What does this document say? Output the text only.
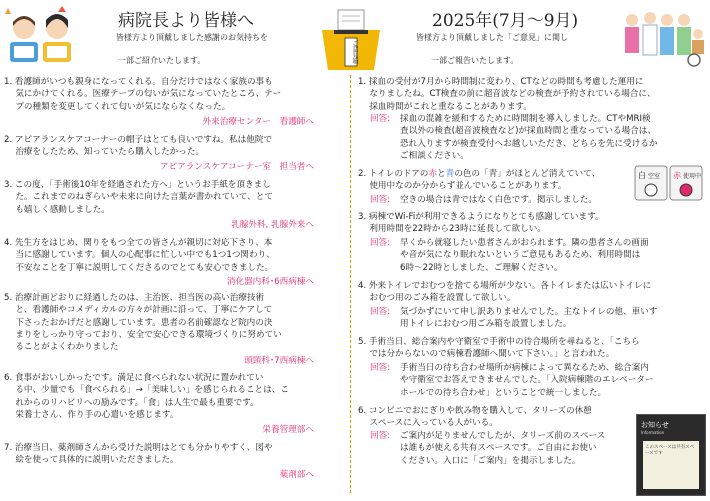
病院長より皆様へ
皆様方より頂戴しました感謝のお気持ちを
一部ご紹介いたします。	ご意見箱
2025年(7月～9月)
皆様方より頂戴しました「ご意見」に関し
一部ご報告いたします。
1. 看護師がいつも親身になってくれる。自分だけではなく家族の事も
　 気にかけてくれる。医療テープの匂いが気になっていたところ、テー
　 プの種類を変更してくれて匂いが気にならなくなった。
外来治療センター　看護師へ
2. アピアランスケアコーナーの帽子はとても良いですね。私は他院で
　 治療をしたため、知っていたら購入したかった。
アピアランスケアコーナー室　担当者へ
3. この度、「手術後10年を経過された方へ」というお手紙を頂きまし
　 た。これまでのねぎらいや未来に向けた言葉が書かれていて、とて
　 も嬉しく感動しました。
乳腺外科, 乳腺外来へ
4. 先生方をはじめ、関りをもつ全ての皆さんが親切に対応下さり、本
　 当に感謝しています。個人の心配事に忙しい中でも1つ1つ関わり、
　 不安なことを丁寧に説明してくださるのでとても安心できました。
消化器内科･6西病棟へ
5. 治療計画どおりに経過したのは、主治医、担当医の高い治療技術
　 と、看護師やコメディカルの方々が計画に沿って、丁寧にケアして
　 下さったおかげだと感謝しています。患者の名前確認など院内の決
　 まりをしっかり守っており、安全で安心できる環境づくりに努めてい
　 ることがよくわかりました
頭頸科･7西病棟へ
6. 食事がおいしかったです。満足に食べられない状況に置かれてい
　 る中、少量でも「食べられる」→「美味しい」を感じられることは、こ
　 れからのリハビリへの励みです。「食」は人生で最も重要です。
　 栄養士さん、作り手の心遣いを感じます。
栄養管理部へ
7. 治療当日、薬剤師さんから受けた説明はとても分かりやすく、図や
　 絵を使って具体的に説明いただきました。
薬剤部へ
1. 採血の受付が7月から時間制に変わり、CTなどの時間も考慮した運用に
　 なりましたね。CT検査の前に超音波などの検査が予約されている場合に、
　 採血時間がこれと重なることがあります。
回答:	採血の混雑を緩和するために時間制を導入しました。CTやMRI検
査以外の検査(超音波検査など)が採血時間と重なっている場合は、
恐れ入りますが検査受付へお越しいただき、どちらを先に受けるか
ご相談ください。
2. トイレのドアの赤と青の色の「青」がほとんど消えていて、
　 使用中なのか分からず並んでいることがあります。
回答:	空きの場合は青ではなく白色です。掲示しました。
白 空室 赤 使用中
3. 病棟でWi-Fiが利用できるようになりとても感謝しています。
　 利用時間を22時から23時に延長して欲しい。
回答:	早くから就寝したい患者さんがおられます。隣の患者さんの画面
や音が気になり眠れないというご意見もあるため、利用時間は
6時～22時としました、ご理解ください。
4. 外来トイレでおむつを捨てる場所が少ない。各トイレまたは広いトイレに
　 おむつ用のごみ箱を設置して欲しい。
回答:	気づかずにいて申し訳ありませんでした。主なトイレの他、車いす
用トイレにおむつ用ごみ箱を設置しました。
5. 手術当日、総合案内や守衛室で手術中の待合場所を尋ねると、「こちら
　 では分からないので病棟看護師へ聞いて下さい。」と言われた。
回答:	手術当日の待ち合わせ場所が病棟によって異なるため、総合案内
や守衛室でお答えできませんでした。「入院病棟階のエレベーター
ホールでの待ち合わせ」ということで統一しました。
6. コンビニでおにぎりや飲み物を購入して、タリーズの休憩
　 スペースに入っている人がいる。
回答:	ご案内が足りませんでしたが、タリーズ前のスペース
は誰もが使える共有スペースです。ご自由にお使い
ください。入口に「ご案内」を掲示しました。
お知らせ
Information
このスペースは共有スペースです
